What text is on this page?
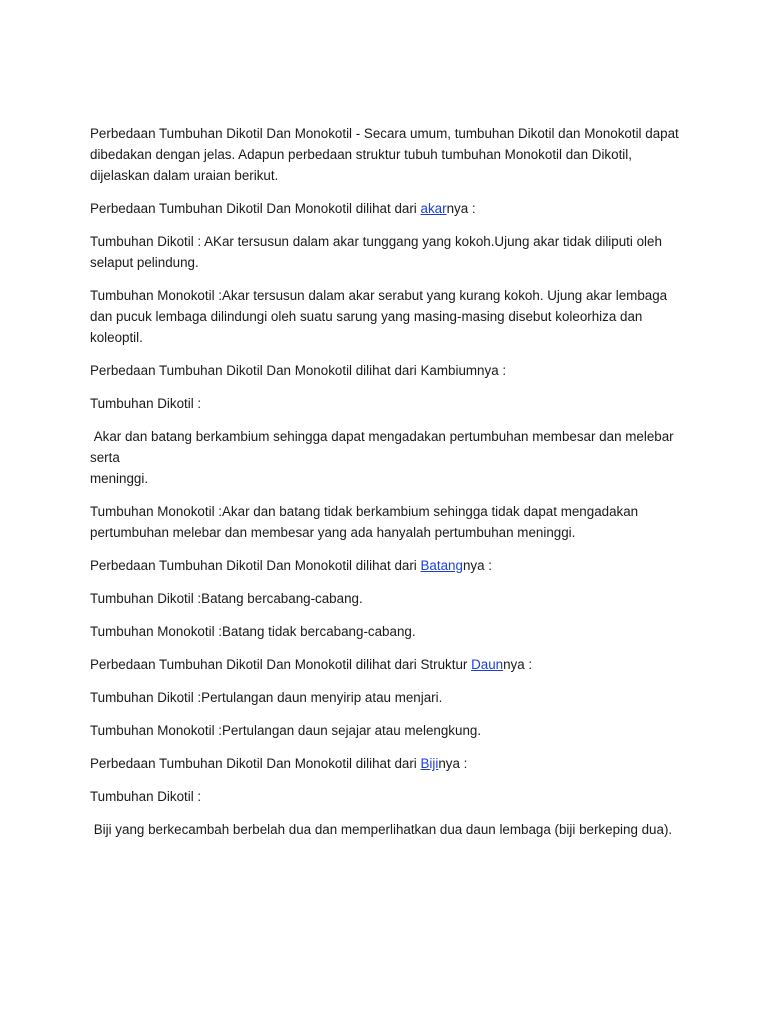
Perbedaan Tumbuhan Dikotil Dan Monokotil - Secara umum, tumbuhan Dikotil dan Monokotil dapat dibedakan dengan jelas. Adapun perbedaan struktur tubuh tumbuhan Monokotil dan Dikotil, dijelaskan dalam uraian berikut.

Perbedaan Tumbuhan Dikotil Dan Monokotil dilihat dari akarnya :

Tumbuhan Dikotil : AKar tersusun dalam akar tunggang yang kokoh.Ujung akar tidak diliputi oleh selaput pelindung.

Tumbuhan Monokotil :Akar tersusun dalam akar serabut yang kurang kokoh. Ujung akar lembaga dan pucuk lembaga dilindungi oleh suatu sarung yang masing-masing disebut koleorhiza dan koleoptil.

Perbedaan Tumbuhan Dikotil Dan Monokotil dilihat dari Kambiumnya :

Tumbuhan Dikotil :

Akar dan batang berkambium sehingga dapat mengadakan pertumbuhan membesar dan melebar serta
meninggi.

Tumbuhan Monokotil :Akar dan batang tidak berkambium sehingga tidak dapat mengadakan pertumbuhan melebar dan membesar yang ada hanyalah pertumbuhan meninggi.

Perbedaan Tumbuhan Dikotil Dan Monokotil dilihat dari Batangnya :

Tumbuhan Dikotil :Batang bercabang-cabang.

Tumbuhan Monokotil :Batang tidak bercabang-cabang.

Perbedaan Tumbuhan Dikotil Dan Monokotil dilihat dari Struktur Daunnya :

Tumbuhan Dikotil :Pertulangan daun menyirip atau menjari.

Tumbuhan Monokotil :Pertulangan daun sejajar atau melengkung.

Perbedaan Tumbuhan Dikotil Dan Monokotil dilihat dari Bijinya :

Tumbuhan Dikotil :

Biji yang berkecambah berbelah dua dan memperlihatkan dua daun lembaga (biji berkeping dua).
